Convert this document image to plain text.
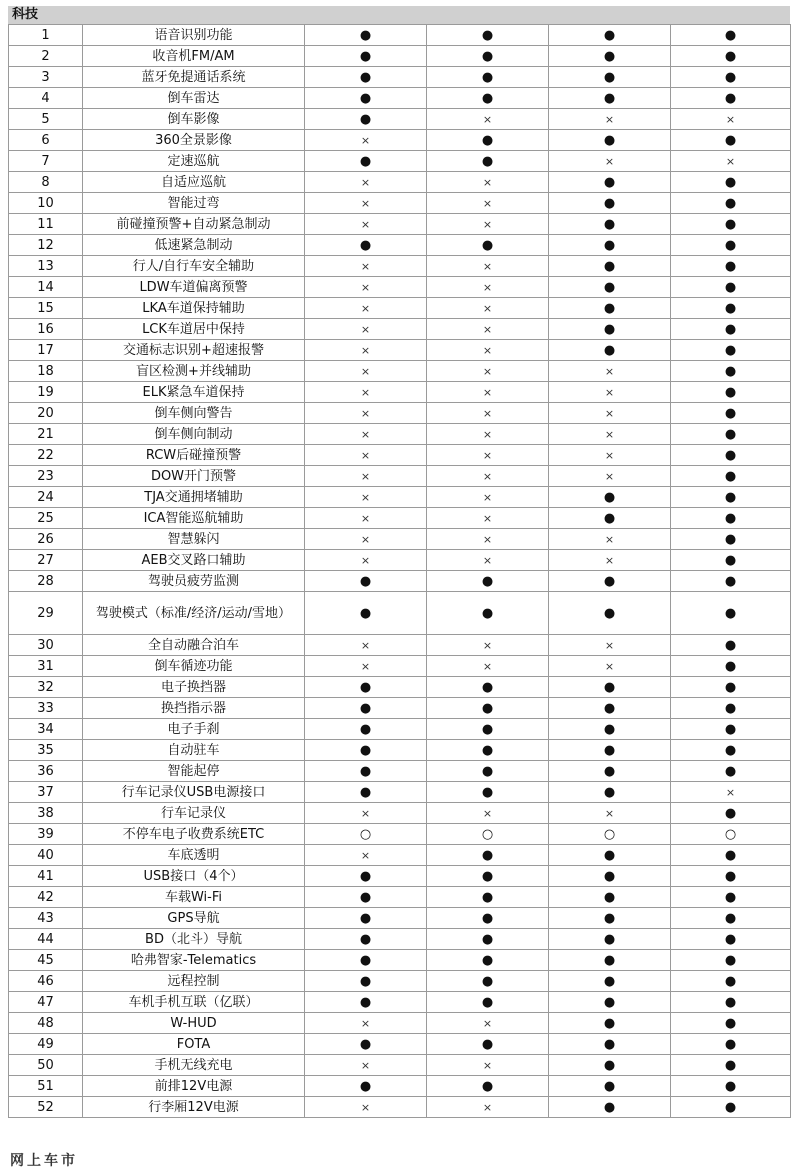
科技
1	语音识别功能	●	●	●	●
2	收音机FM/AM	●	●	●	●
3	蓝牙免提通话系统	●	●	●	●
4	倒车雷达	●	●	●	●
5	倒车影像	●	×	×	×
6	360全景影像	×	●	●	●
7	定速巡航	●	●	×	×
8	自适应巡航	×	×	●	●
10	智能过弯	×	×	●	●
11	前碰撞预警+自动紧急制动	×	×	●	●
12	低速紧急制动	●	●	●	●
13	行人/自行车安全辅助	×	×	●	●
14	LDW车道偏离预警	×	×	●	●
15	LKA车道保持辅助	×	×	●	●
16	LCK车道居中保持	×	×	●	●
17	交通标志识别+超速报警	×	×	●	●
18	盲区检测+并线辅助	×	×	×	●
19	ELK紧急车道保持	×	×	×	●
20	倒车侧向警告	×	×	×	●
21	倒车侧向制动	×	×	×	●
22	RCW后碰撞预警	×	×	×	●
23	DOW开门预警	×	×	×	●
24	TJA交通拥堵辅助	×	×	●	●
25	ICA智能巡航辅助	×	×	●	●
26	智慧躲闪	×	×	×	●
27	AEB交叉路口辅助	×	×	×	●
28	驾驶员疲劳监测	●	●	●	●
29	驾驶模式（标准/经济/运动/雪地）	●	●	●	●
30	全自动融合泊车	×	×	×	●
31	倒车循迹功能	×	×	×	●
32	电子换挡器	●	●	●	●
33	换挡指示器	●	●	●	●
34	电子手刹	●	●	●	●
35	自动驻车	●	●	●	●
36	智能起停	●	●	●	●
37	行车记录仪USB电源接口	●	●	●	×
38	行车记录仪	×	×	×	●
39	不停车电子收费系统ETC	○	○	○	○
40	车底透明	×	●	●	●
41	USB接口（4个）	●	●	●	●
42	车载Wi-Fi	●	●	●	●
43	GPS导航	●	●	●	●
44	BD（北斗）导航	●	●	●	●
45	哈弗智家-Telematics	●	●	●	●
46	远程控制	●	●	●	●
47	车机手机互联（亿联）	●	●	●	●
48	W-HUD	×	×	●	●
49	FOTA	●	●	●	●
50	手机无线充电	×	×	●	●
51	前排12V电源	●	●	●	●
52	行李厢12V电源	×	×	●	●
网上车市
